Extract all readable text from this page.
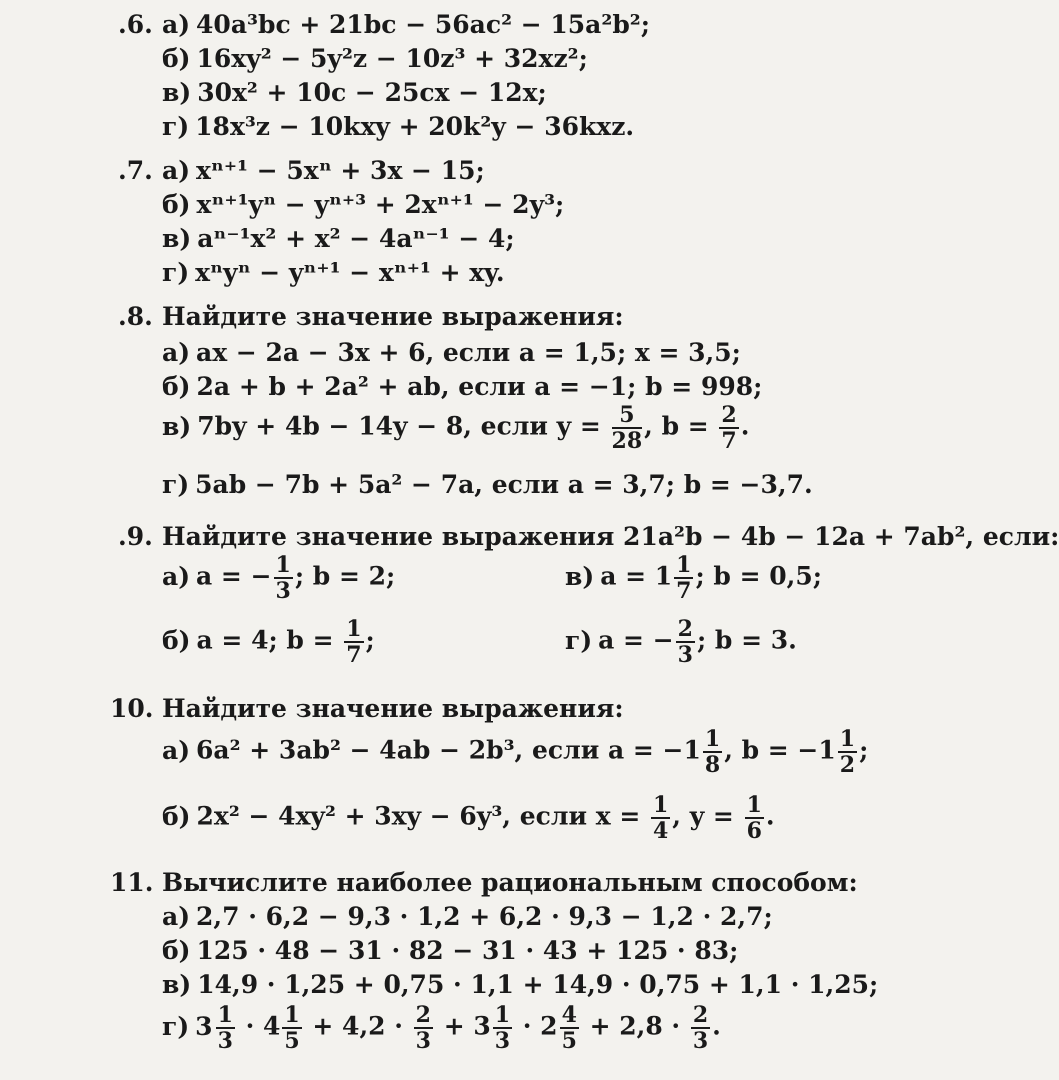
.6. а) 40a³bc + 21bc − 56ac² − 15a²b²;
б) 16xy² − 5y²z − 10z³ + 32xz²;
в) 30x² + 10c − 25cx − 12x;
г) 18x³z − 10kxy + 20k²y − 36kxz.
.7. а) xⁿ⁺¹ − 5xⁿ + 3x − 15;
б) xⁿ⁺¹yⁿ − yⁿ⁺³ + 2xⁿ⁺¹ − 2y³;
в) aⁿ⁻¹x² + x² − 4aⁿ⁻¹ − 4;
г) xⁿyⁿ − yⁿ⁺¹ − xⁿ⁺¹ + xy.
.8. Найдите значение выражения:
а) ax − 2a − 3x + 6, если a = 1,5; x = 3,5;
б) 2a + b + 2a² + ab, если a = −1; b = 998;
в) 7by + 4b − 14y − 8, если $y = \frac{5}{28}$ , $b = \frac{2}{7}$ .
г) 5ab − 7b + 5a² − 7a, если a = 3,7; b = −3,7.
.9. Найдите значение выражения 21a²b − 4b − 12a + 7ab², если:
а) a = − $\frac{1}{3}$ ; b = 2;	в) $a = 1 \frac{1}{7}$ ; b = 0,5;
б) a = 4; $b = \frac{1}{7}$ ;	г) a = − $\frac{2}{3}$ ; b = 3.
10. Найдите значение выражения:
а) 6a² + 3ab² − 4ab − 2b³, если $a = -1 \frac{1}{8}$ , $b = -1 \frac{1}{2}$ ;
б) 2x² − 4xy² + 3xy − 6y³, если $x = \frac{1}{4}$ , $y = \frac{1}{6}$ .
11. Вычислите наиболее рациональным способом:
а) 2,7 · 6,2 − 9,3 · 1,2 + 6,2 · 9,3 − 1,2 · 2,7;
б) 125 · 48 − 31 · 82 − 31 · 43 + 125 · 83;
в) 14,9 · 1,25 + 0,75 · 1,1 + 14,9 · 0,75 + 1,1 · 1,25;
г) $3 \frac{1}{3} \cdot 4 \frac{1}{5} + 4,2 \cdot \frac{2}{3} + 3 \frac{1}{3} \cdot 2 \frac{4}{5} + 2,8 \cdot \frac{2}{3}$ .
